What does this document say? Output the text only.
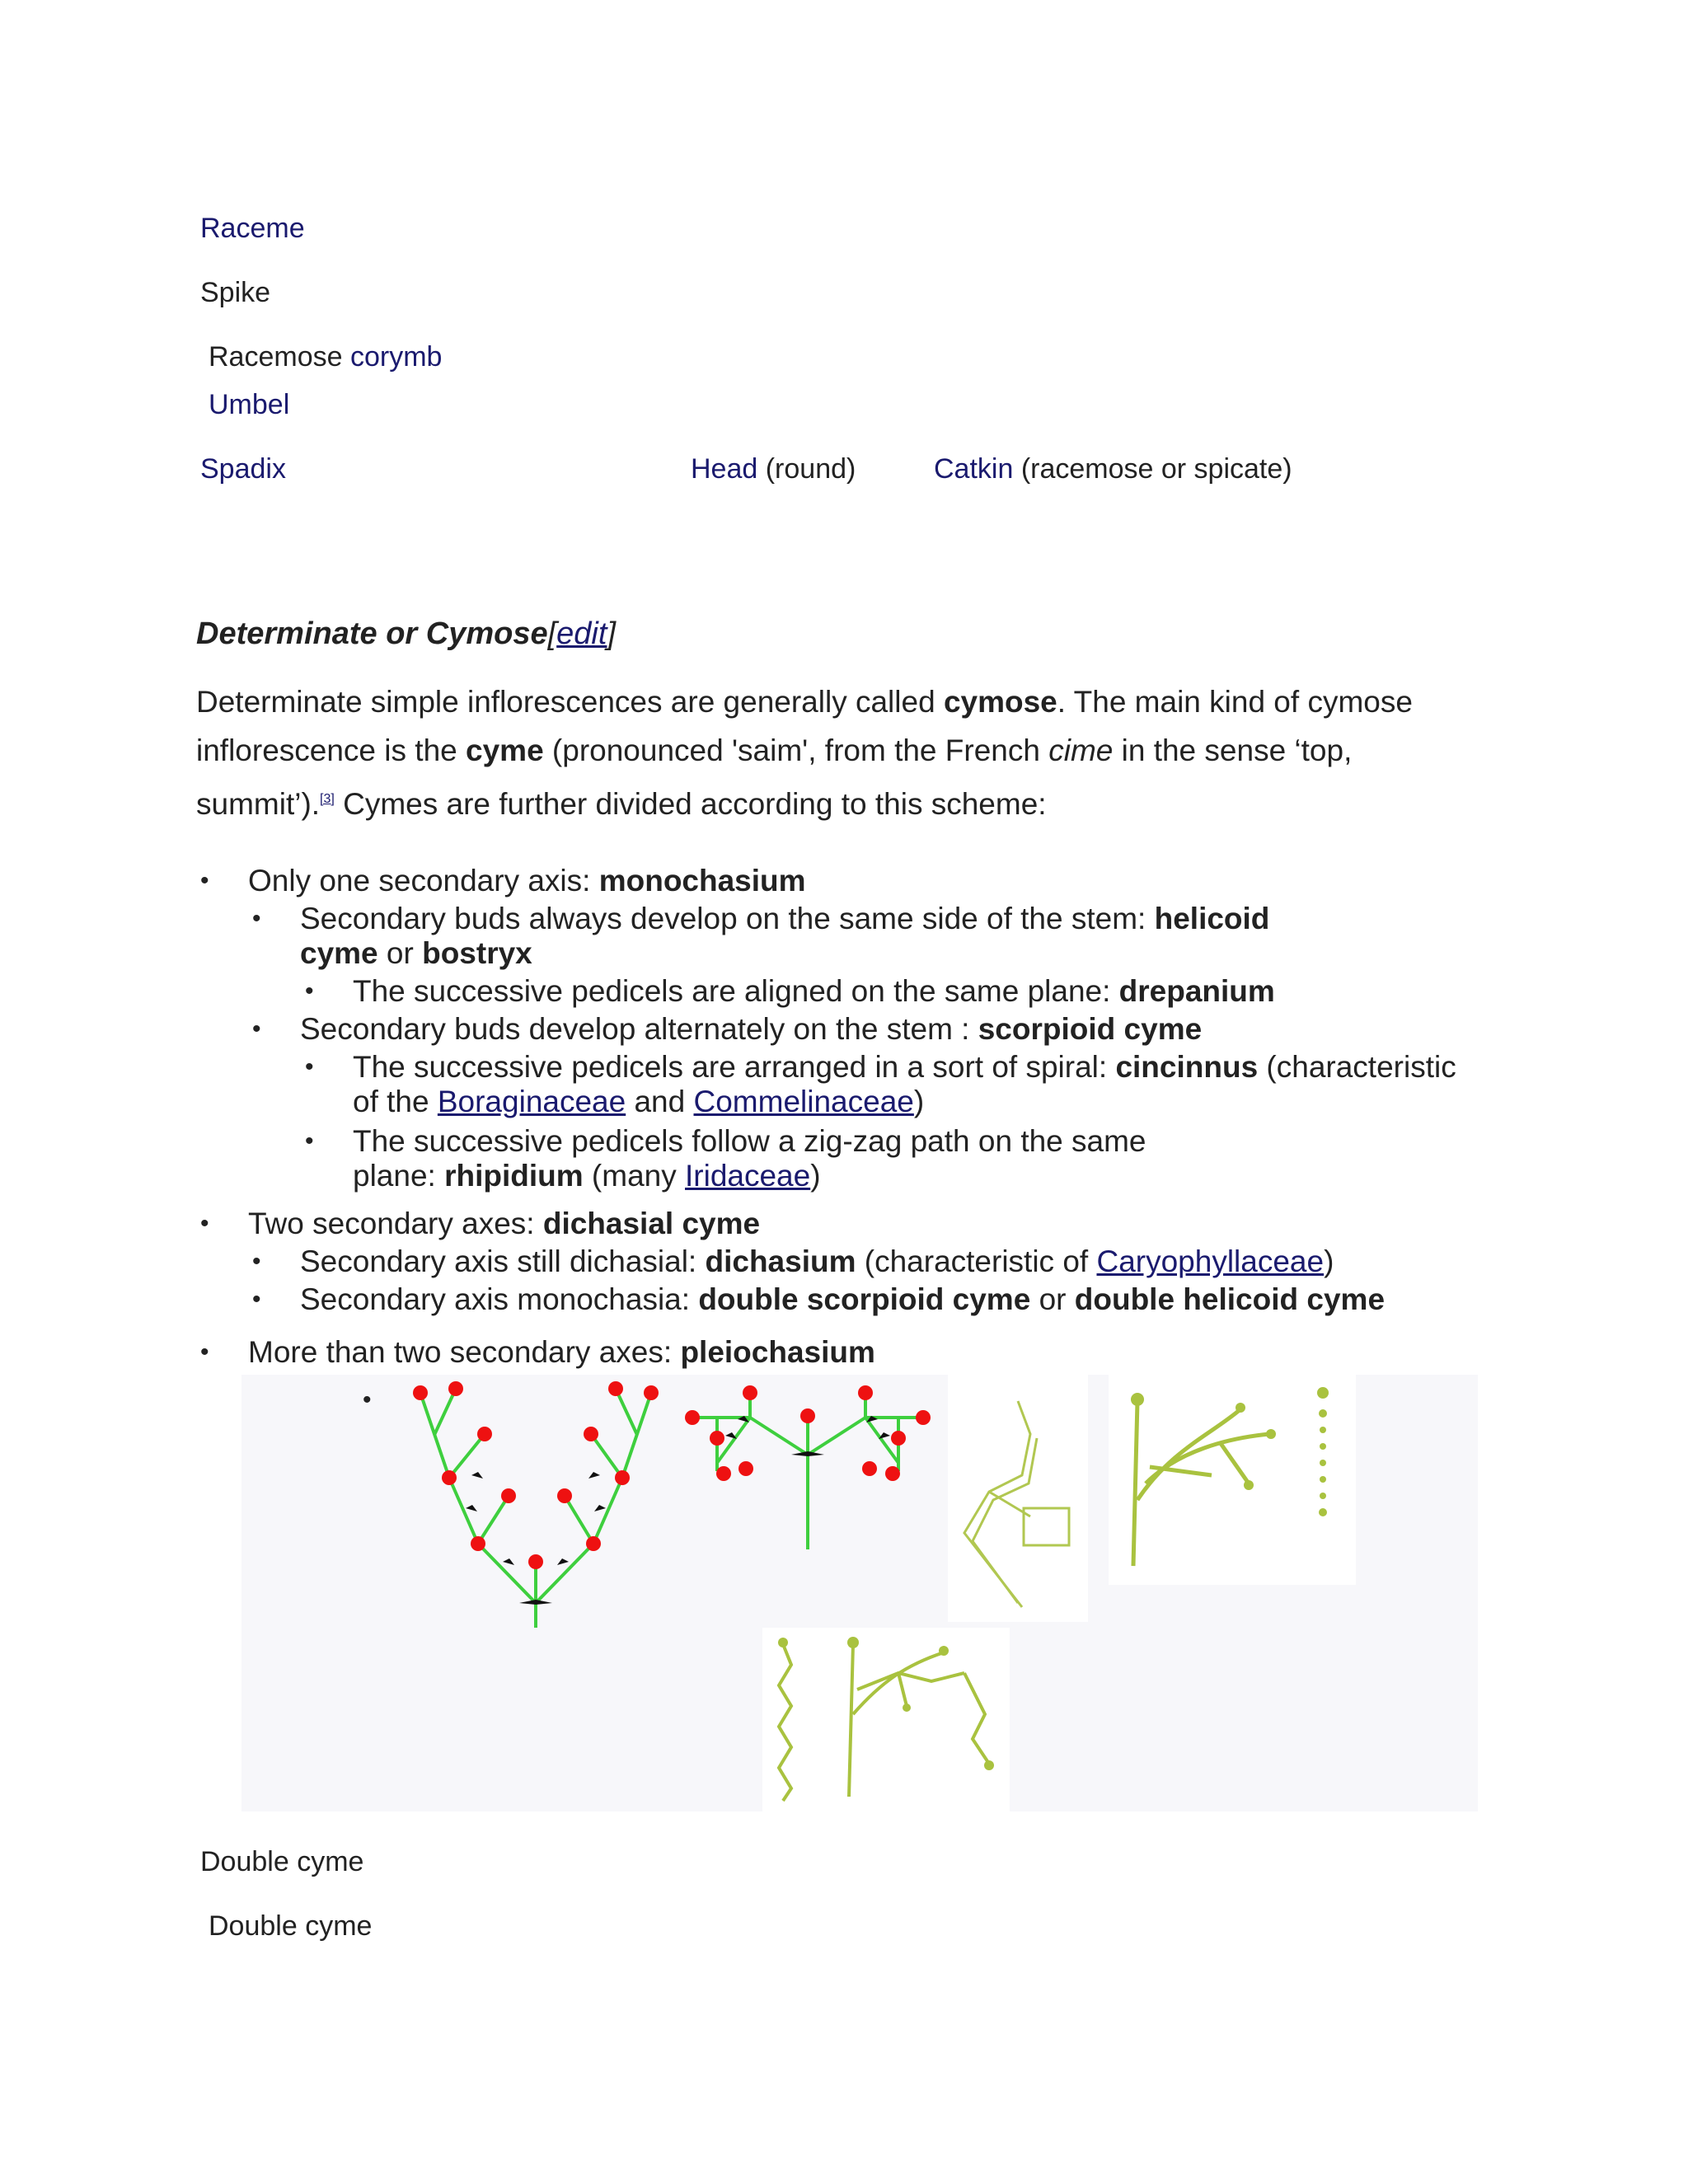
Raceme
Spike
Racemose corymb
Umbel
Spadix	Head (round)	Catkin (racemose or spicate)
Determinate or Cymose[edit]
Determinate simple inflorescences are generally called cymose. The main kind of cymose inflorescence is the cyme (pronounced 'saim', from the French cime in the sense ‘top, summit’).[3] Cymes are further divided according to this scheme:
• Only one secondary axis: monochasium
• Secondary buds always develop on the same side of the stem: helicoid cyme or bostryx
• The successive pedicels are aligned on the same plane: drepanium
• Secondary buds develop alternately on the stem : scorpioid cyme
• The successive pedicels are arranged in a sort of spiral: cincinnus (characteristic of the Boraginaceae and Commelinaceae)
• The successive pedicels follow a zig-zag path on the same plane: rhipidium (many Iridaceae)
• Two secondary axes: dichasial cyme
• Secondary axis still dichasial: dichasium (characteristic of Caryophyllaceae)
• Secondary axis monochasia: double scorpioid cyme or double helicoid cyme
• More than two secondary axes: pleiochasium
•
Double cyme
Double cyme
